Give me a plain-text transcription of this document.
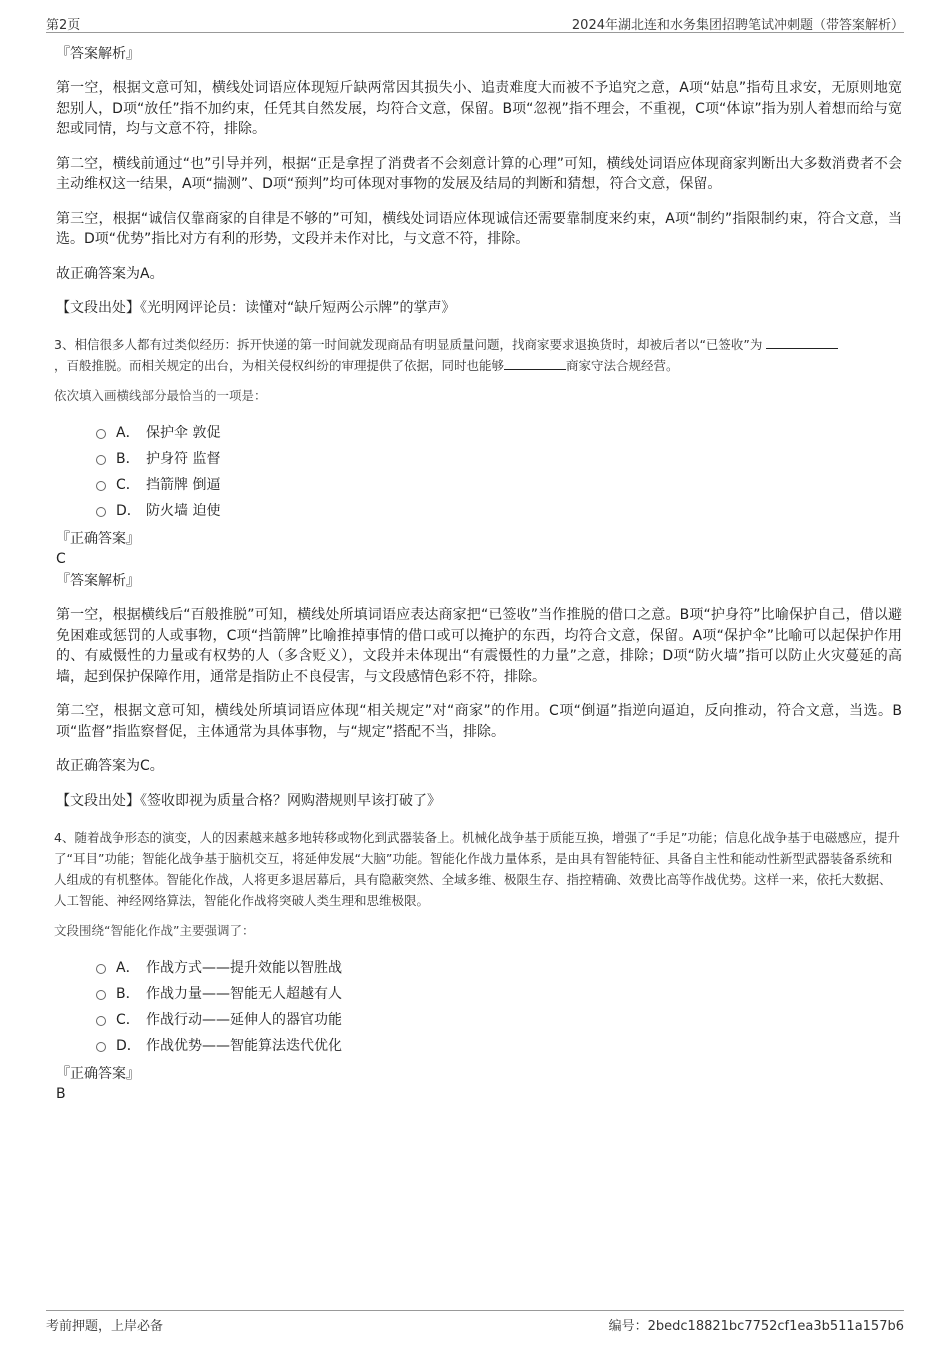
第2页	2024年湖北连和水务集团招聘笔试冲刺题（带答案解析）
『答案解析』

第一空，根据文意可知，横线处词语应体现短斤缺两常因其损失小、追责难度大而被不予追究之意，A项“姑息”指苟且求安，无原则地宽恕别人，D项“放任”指不加约束，任凭其自然发展，均符合文意，保留。B项“忽视”指不理会，不重视，C项“体谅”指为别人着想而给与宽恕或同情，均与文意不符，排除。

第二空，横线前通过“也”引导并列，根据“正是拿捏了消费者不会刻意计算的心理”可知，横线处词语应体现商家判断出大多数消费者不会主动维权这一结果，A项“揣测”、D项“预判”均可体现对事物的发展及结局的判断和猜想，符合文意，保留。

第三空，根据“诚信仅靠商家的自律是不够的”可知，横线处词语应体现诚信还需要靠制度来约束，A项“制约”指限制约束，符合文意，当选。D项“优势”指比对方有利的形势，文段并未作对比，与文意不符，排除。

故正确答案为A。

【文段出处】《光明网评论员：读懂对“缺斤短两公示牌”的掌声》

3、相信很多人都有过类似经历：拆开快递的第一时间就发现商品有明显质量问题，找商家要求退换货时，却被后者以“已签收”为
，百般推脱。而相关规定的出台，为相关侵权纠纷的审理提供了依据，同时也能够	商家守法合规经营。

依次填入画横线部分最恰当的一项是：

A． 保护伞 敦促
B． 护身符 监督
C． 挡箭牌 倒逼
D． 防火墙 迫使
『正确答案』
C
『答案解析』

第一空，根据横线后“百般推脱”可知，横线处所填词语应表达商家把“已签收”当作推脱的借口之意。B项“护身符”比喻保护自己，借以避免困难或惩罚的人或事物，C项“挡箭牌”比喻推掉事情的借口或可以掩护的东西，均符合文意，保留。A项“保护伞”比喻可以起保护作用的、有威慑性的力量或有权势的人（多含贬义），文段并未体现出“有震慑性的力量”之意，排除；D项“防火墙”指可以防止火灾蔓延的高墙，起到保护保障作用，通常是指防止不良侵害，与文段感情色彩不符，排除。

第二空，根据文意可知，横线处所填词语应体现“相关规定”对“商家”的作用。C项“倒逼”指逆向逼迫，反向推动，符合文意，当选。B项“监督”指监察督促，主体通常为具体事物，与“规定”搭配不当，排除。

故正确答案为C。

【文段出处】《签收即视为质量合格？网购潜规则早该打破了》

4、随着战争形态的演变，人的因素越来越多地转移或物化到武器装备上。机械化战争基于质能互换，增强了“手足”功能；信息化战争基于电磁感应，提升了“耳目”功能；智能化战争基于脑机交互，将延伸发展“大脑”功能。智能化作战力量体系，是由具有智能特征、具备自主性和能动性新型武器装备系统和人组成的有机整体。智能化作战，人将更多退居幕后，具有隐蔽突然、全域多维、极限生存、指控精确、效费比高等作战优势。这样一来，依托大数据、人工智能、神经网络算法，智能化作战将突破人类生理和思维极限。

文段围绕“智能化作战”主要强调了：

A． 作战方式——提升效能以智胜战
B． 作战力量——智能无人超越有人
C． 作战行动——延伸人的器官功能
D． 作战优势——智能算法迭代优化
『正确答案』
B
考前押题，上岸必备	编号：2bedc18821bc7752cf1ea3b511a157b6
